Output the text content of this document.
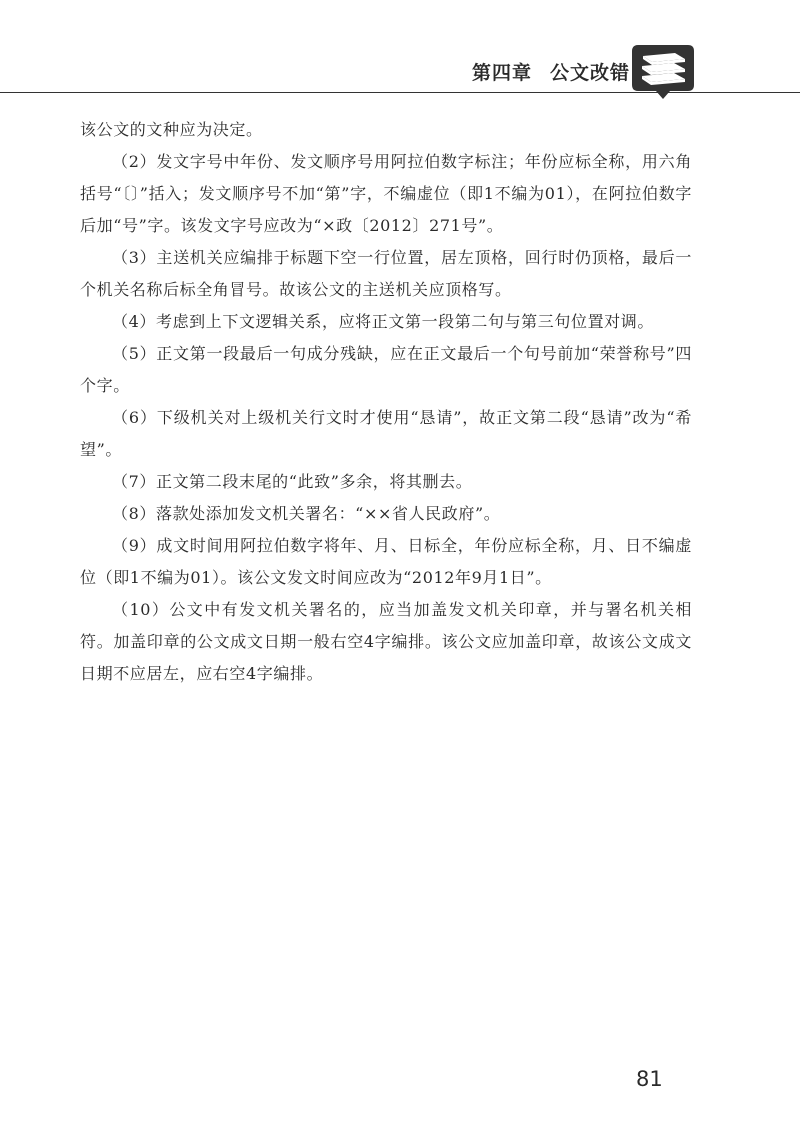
第四章 公文改错

该公文的文种应为决定。

（2）发文字号中年份、发文顺序号用阿拉伯数字标注；年份应标全称，用六角括号“〔〕”括入；发文顺序号不加“第”字，不编虚位（即1不编为01），在阿拉伯数字后加“号”字。该发文字号应改为“×政〔2012〕271号”。

（3）主送机关应编排于标题下空一行位置，居左顶格，回行时仍顶格，最后一个机关名称后标全角冒号。故该公文的主送机关应顶格写。

（4）考虑到上下文逻辑关系，应将正文第一段第二句与第三句位置对调。

（5）正文第一段最后一句成分残缺，应在正文最后一个句号前加“荣誉称号”四个字。

（6）下级机关对上级机关行文时才使用“恳请”，故正文第二段“恳请”改为“希望”。

（7）正文第二段末尾的“此致”多余，将其删去。

（8）落款处添加发文机关署名：“××省人民政府”。

（9）成文时间用阿拉伯数字将年、月、日标全，年份应标全称，月、日不编虚位（即1不编为01）。该公文发文时间应改为“2012年9月1日”。

（10）公文中有发文机关署名的，应当加盖发文机关印章，并与署名机关相符。加盖印章的公文成文日期一般右空4字编排。该公文应加盖印章，故该公文成文日期不应居左，应右空4字编排。

81
